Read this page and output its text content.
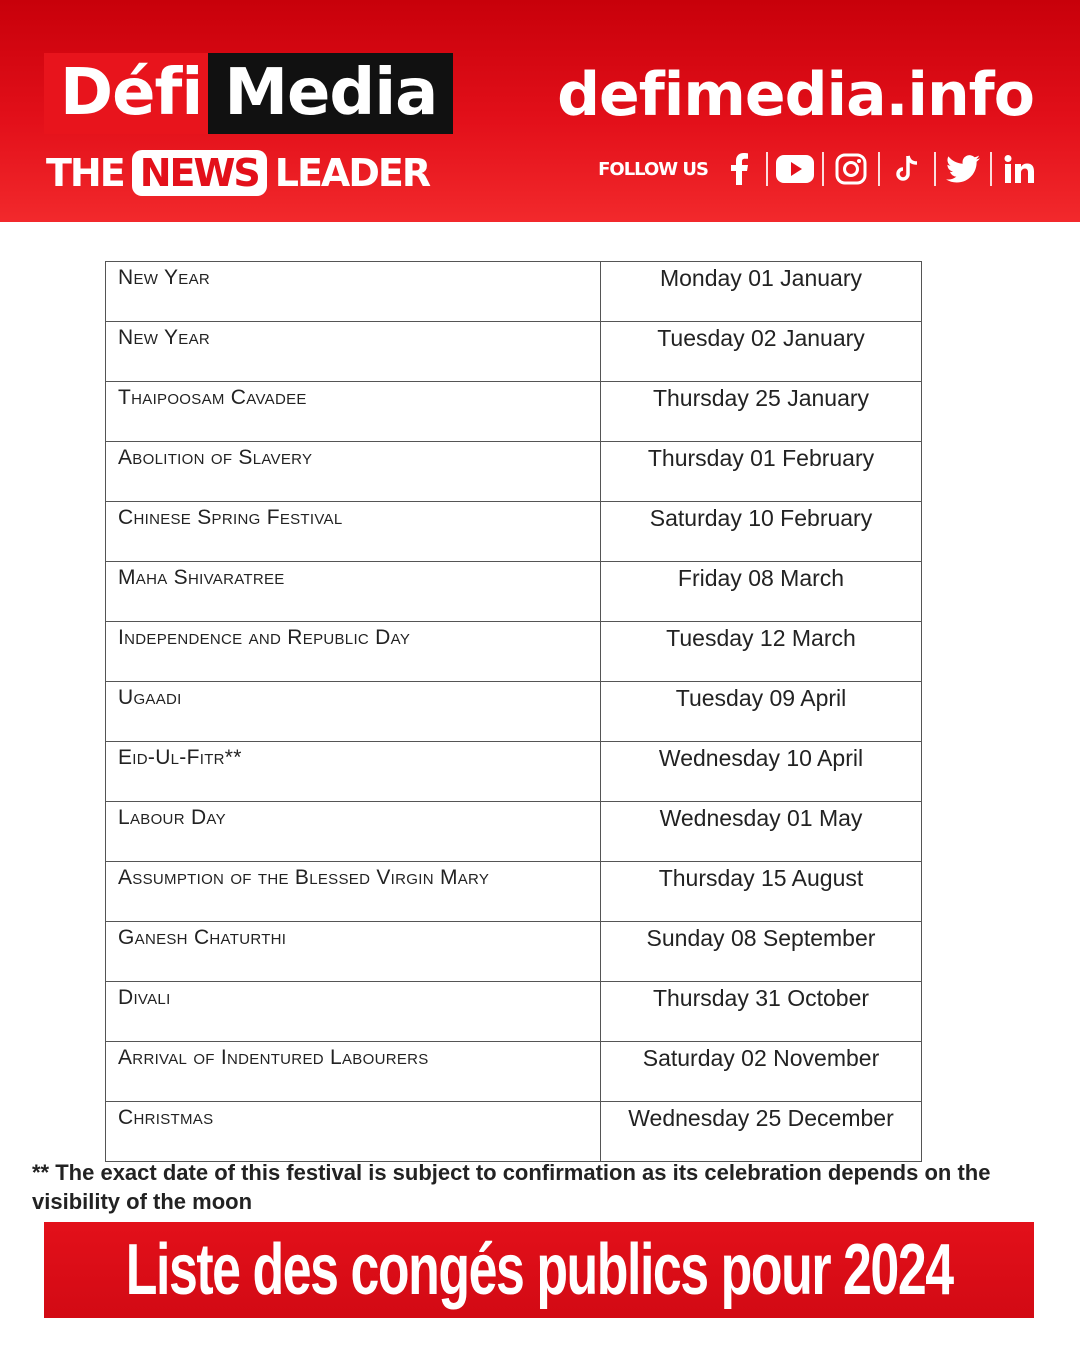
Défi Media
THE NEWS LEADER
defimedia.info
FOLLOW US
New Year	Monday 01 January
New Year	Tuesday 02 January
Thaipoosam Cavadee	Thursday 25 January
Abolition of Slavery	Thursday 01 February
Chinese Spring Festival	Saturday 10 February
Maha Shivaratree	Friday 08 March
Independence and Republic Day	Tuesday 12 March
Ugaadi	Tuesday 09 April
Eid-Ul-Fitr**	Wednesday 10 April
Labour Day	Wednesday 01 May
Assumption of the Blessed Virgin Mary	Thursday 15 August
Ganesh Chaturthi	Sunday 08 September
Divali	Thursday 31 October
Arrival of Indentured Labourers	Saturday 02 November
Christmas	Wednesday 25 December
** The exact date of this festival is subject to confirmation as its celebration depends on the visibility of the moon
Liste des congés publics pour 2024
